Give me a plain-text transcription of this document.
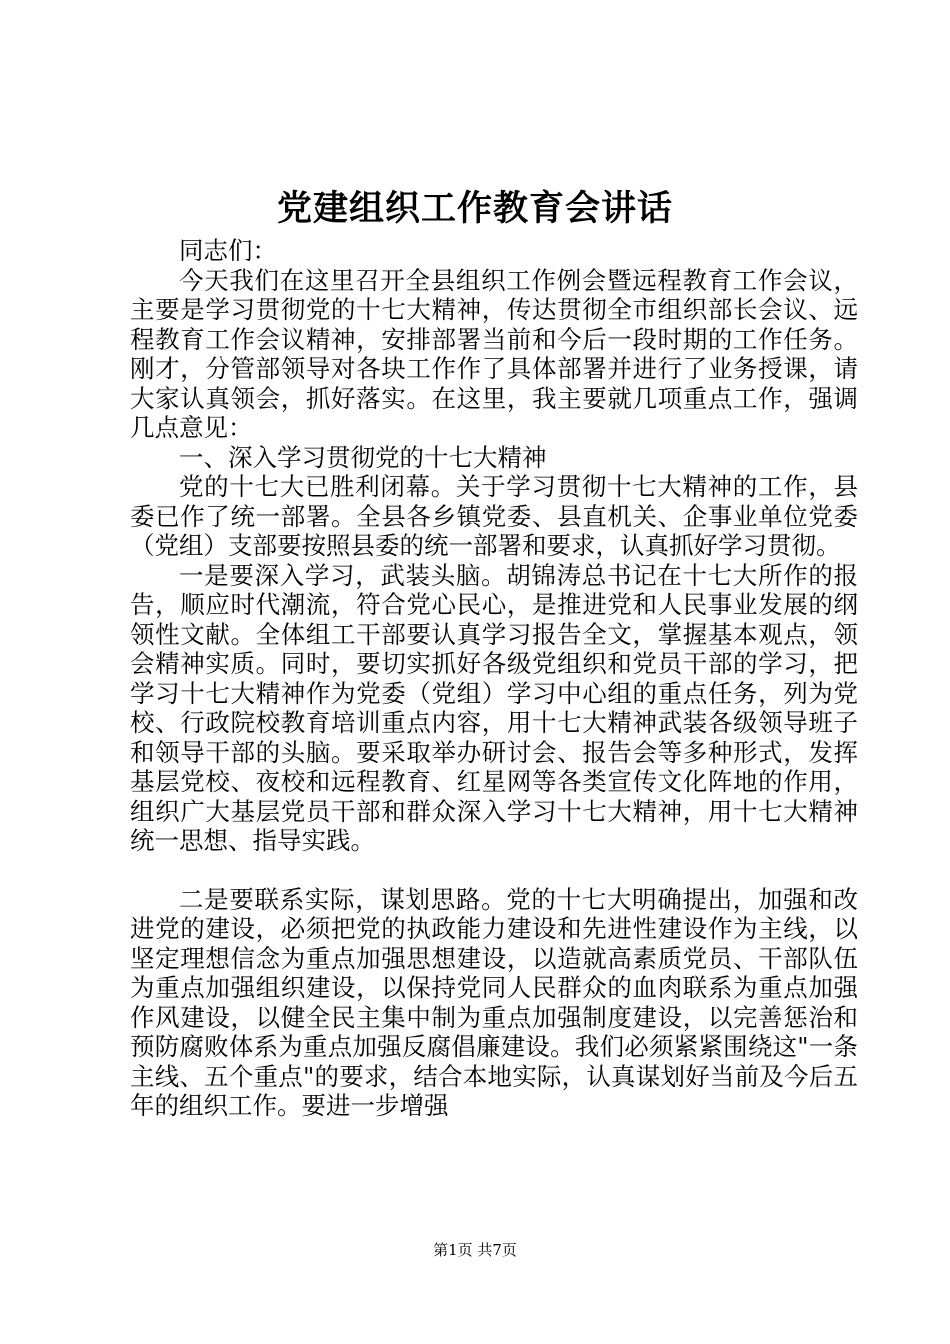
党建组织工作教育会讲话

同志们：

今天我们在这里召开全县组织工作例会暨远程教育工作会议，主要是学习贯彻党的十七大精神，传达贯彻全市组织部长会议、远程教育工作会议精神，安排部署当前和今后一段时期的工作任务。刚才，分管部领导对各块工作作了具体部署并进行了业务授课，请大家认真领会，抓好落实。在这里，我主要就几项重点工作，强调几点意见：

一、深入学习贯彻党的十七大精神

党的十七大已胜利闭幕。关于学习贯彻十七大精神的工作，县委已作了统一部署。全县各乡镇党委、县直机关、企事业单位党委（党组）支部要按照县委的统一部署和要求，认真抓好学习贯彻。

一是要深入学习，武装头脑。胡锦涛总书记在十七大所作的报告，顺应时代潮流，符合党心民心，是推进党和人民事业发展的纲领性文献。全体组工干部要认真学习报告全文，掌握基本观点，领会精神实质。同时，要切实抓好各级党组织和党员干部的学习，把学习十七大精神作为党委（党组）学习中心组的重点任务，列为党校、行政院校教育培训重点内容，用十七大精神武装各级领导班子和领导干部的头脑。要采取举办研讨会、报告会等多种形式，发挥基层党校、夜校和远程教育、红星网等各类宣传文化阵地的作用，组织广大基层党员干部和群众深入学习十七大精神，用十七大精神统一思想、指导实践。

二是要联系实际，谋划思路。党的十七大明确提出，加强和改进党的建设，必须把党的执政能力建设和先进性建设作为主线，以坚定理想信念为重点加强思想建设，以造就高素质党员、干部队伍为重点加强组织建设，以保持党同人民群众的血肉联系为重点加强作风建设，以健全民主集中制为重点加强制度建设，以完善惩治和预防腐败体系为重点加强反腐倡廉建设。我们必须紧紧围绕这"一条主线、五个重点"的要求，结合本地实际，认真谋划好当前及今后五年的组织工作。要进一步增强

第1页 共7页
